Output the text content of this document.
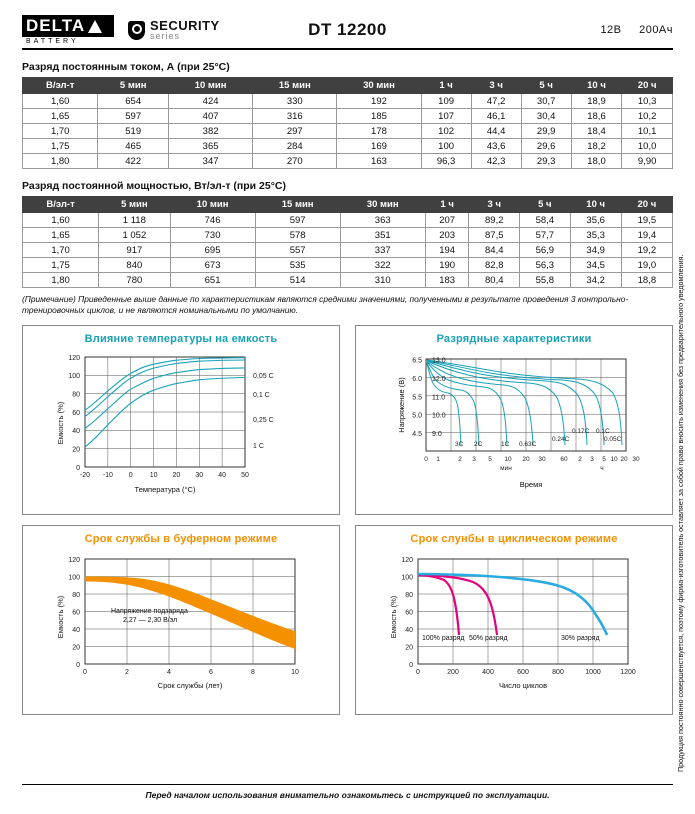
DELTA
BATTERY
SECURITY
series	DT 12200	12В 200Ач
Разряд постоянным током, А (при 25°С)
В/эл-т	5 мин	10 мин	15 мин	30 мин	1 ч	3 ч	5 ч	10 ч	20 ч
1,60	654	424	330	192	109	47,2	30,7	18,9	10,3
1,65	597	407	316	185	107	46,1	30,4	18,6	10,2
1,70	519	382	297	178	102	44,4	29,9	18,4	10,1
1,75	465	365	284	169	100	43,6	29,6	18,2	10,0
1,80	422	347	270	163	96,3	42,3	29,3	18,0	9,90
Разряд постоянной мощностью, Вт/эл-т (при 25°С)
В/эл-т	5 мин	10 мин	15 мин	30 мин	1 ч	3 ч	5 ч	10 ч	20 ч
1,60	1 118	746	597	363	207	89,2	58,4	35,6	19,5
1,65	1 052	730	578	351	203	87,5	57,7	35,3	19,4
1,70	917	695	557	337	194	84,4	56,9	34,9	19,2
1,75	840	673	535	322	190	82,8	56,3	34,5	19,0
1,80	780	651	514	310	183	80,4	55,8	34,2	18,8
(Примечание) Приведенные выше данные по характеристикам являются средними значениями, полученными в результате проведения 3 контрольно-тренировочных циклов, и не являются номинальными по умолчанию.
Влияние температуры на емкость
0
20
40
60
80
100
120
-20 -10 0 10 20 30 40 50
0,05 С
0,1 С
0,25 С
1 С
Емкость (%)
Температура (°C)
Разрядные характеристики
6.5
6.0
5.5
5.0
4.5
13.0
12.0
11.0
10.0
9.0
3C 2C	1C 0.63C
0.24C
0.17C 0.1C
0.05C
0 1	2 3 5 10 20 30 60 2 3 5 10 20 30
мин	ч
Напряжение (В)
Время
Срок службы в буферном режиме
0
20
40
60
80
100
120
0	2	4	6	8	10
Напряжение подзаряда
2,27 — 2,30 В/эл
Емкость (%)
Срок службы (лет)
Срок слунбы в циклическом режиме
0
20
40
60
80
100
120
0	200	400	600	800	1000	1200
100% разряд 50% разряд	30% разряд
Емкость (%)
Число циклов	Продукция постоянно совершенствуется, поэтому фирма-изготовитель оставляет за собой право вносить изменения без предварительного уведомления.
Перед началом использования внимательно ознакомьтесь с инструкцией по эксплуатации.
